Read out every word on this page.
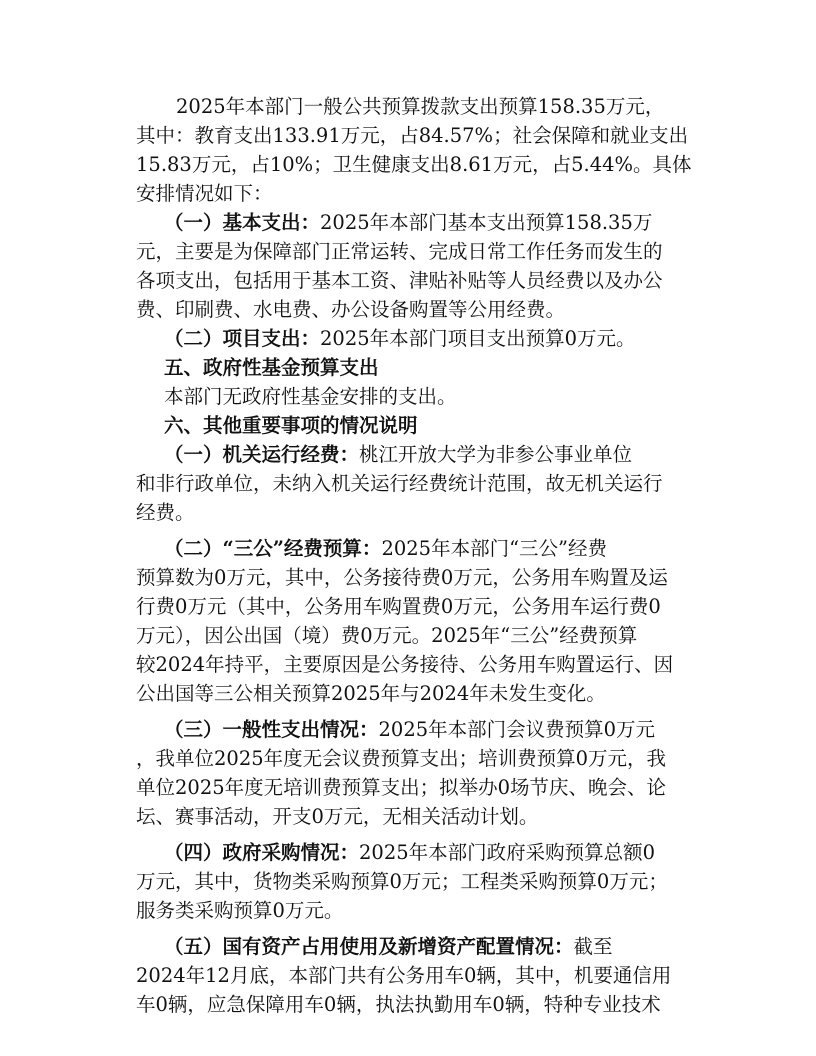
2025年本部门一般公共预算拨款支出预算158.35万元，
其中：教育支出133.91万元，占84.57%；社会保障和就业支出
15.83万元，占10%；卫生健康支出8.61万元，占5.44%。具体
安排情况如下：
（一）基本支出：2025年本部门基本支出预算158.35万
元，主要是为保障部门正常运转、完成日常工作任务而发生的
各项支出，包括用于基本工资、津贴补贴等人员经费以及办公
费、印刷费、水电费、办公设备购置等公用经费。
（二）项目支出：2025年本部门项目支出预算0万元。
五、政府性基金预算支出
本部门无政府性基金安排的支出。
六、其他重要事项的情况说明
（一）机关运行经费：桃江开放大学为非参公事业单位
和非行政单位，未纳入机关运行经费统计范围，故无机关运行
经费。
（二）“三公”经费预算：2025年本部门“三公”经费
预算数为0万元，其中，公务接待费0万元，公务用车购置及运
行费0万元（其中，公务用车购置费0万元，公务用车运行费0
万元），因公出国（境）费0万元。2025年“三公”经费预算
较2024年持平，主要原因是公务接待、公务用车购置运行、因
公出国等三公相关预算2025年与2024年未发生变化。
（三）一般性支出情况：2025年本部门会议费预算0万元
，我单位2025年度无会议费预算支出；培训费预算0万元，我
单位2025年度无培训费预算支出；拟举办0场节庆、晚会、论
坛、赛事活动，开支0万元，无相关活动计划。
（四）政府采购情况：2025年本部门政府采购预算总额0
万元，其中，货物类采购预算0万元；工程类采购预算0万元；
服务类采购预算0万元。
（五）国有资产占用使用及新增资产配置情况：截至
2024年12月底，本部门共有公务用车0辆，其中，机要通信用
车0辆，应急保障用车0辆，执法执勤用车0辆，特种专业技术
